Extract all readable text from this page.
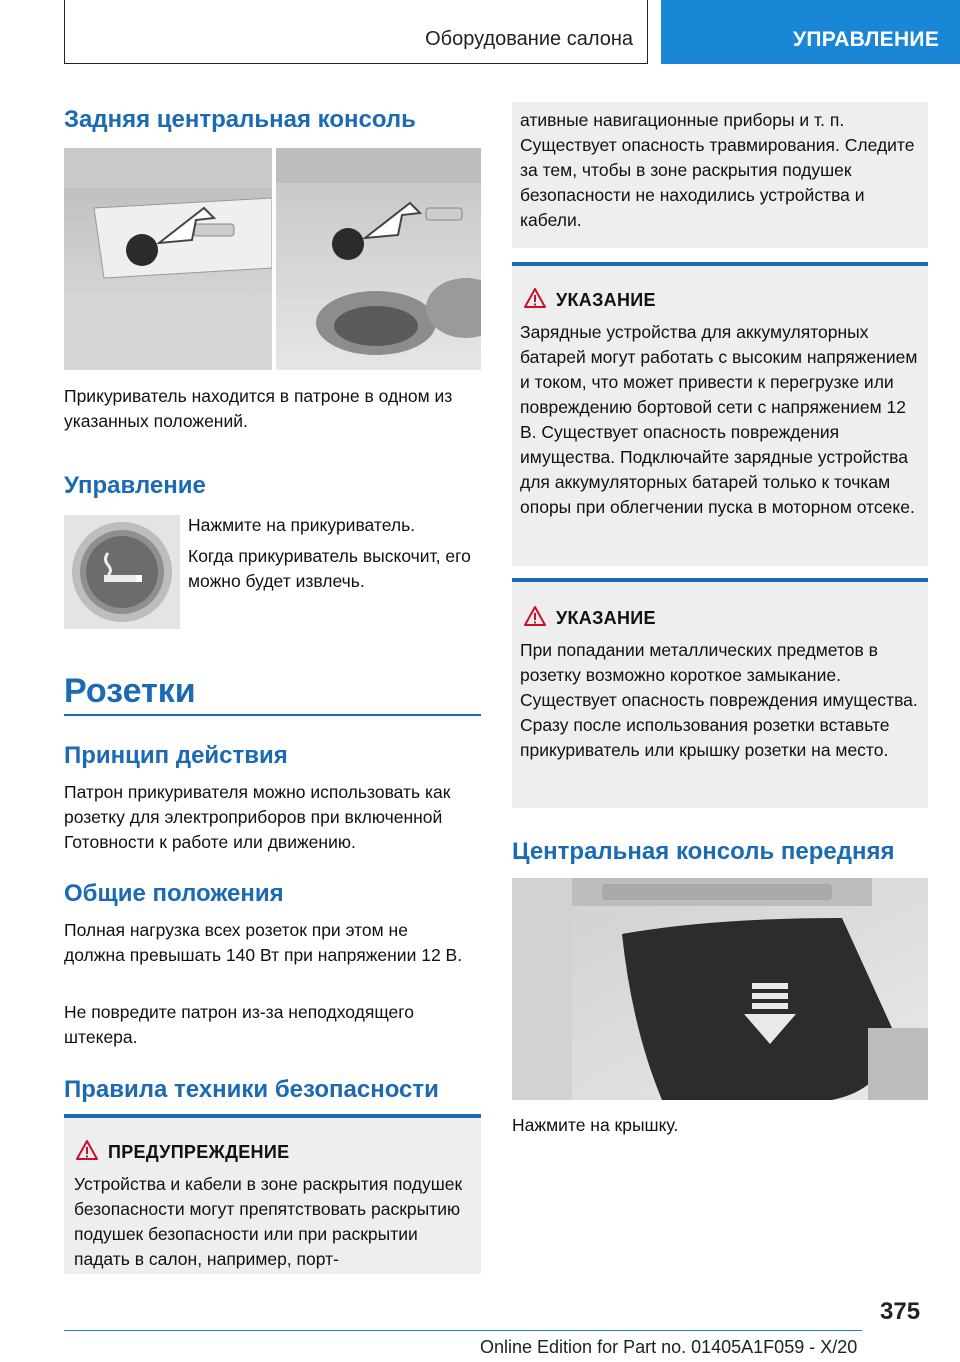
Оборудование салона	УПРАВЛЕНИЕ
Задняя центральная консоль
Прикуриватель находится в патроне в одном из указанных положений.
Управление
Нажмите на прикуриватель.
Когда прикуриватель выскочит, его можно будет извлечь.
Розетки
Принцип действия
Патрон прикуривателя можно использовать как розетку для электроприборов при включенной Готовности к работе или движению.
Общие положения
Полная нагрузка всех розеток при этом не должна превышать 140 Вт при напряжении 12 В.
Не повредите патрон из-за неподходящего штекера.
Правила техники безопасности
ПРЕДУПРЕЖДЕНИЕ
Устройства и кабели в зоне раскрытия подушек безопасности могут препятствовать раскрытию подушек безопасности или при раскрытии падать в салон, например, порт-
ативные навигационные приборы и т. п. Существует опасность травмирования. Следите за тем, чтобы в зоне раскрытия подушек безопасности не находились устройства и кабели.
УКАЗАНИЕ
Зарядные устройства для аккумуляторных батарей могут работать с высоким напряжением и током, что может привести к перегрузке или повреждению бортовой сети с напряжением 12 В. Существует опасность повреждения имущества. Подключайте зарядные устройства для аккумуляторных батарей только к точкам опоры при облегчении пуска в моторном отсеке.
УКАЗАНИЕ
При попадании металлических предметов в розетку возможно короткое замыкание. Существует опасность повреждения имущества. Сразу после использования розетки вставьте прикуриватель или крышку розетки на место.
Центральная консоль передняя
Нажмите на крышку.
375
Online Edition for Part no. 01405A1F059 - X/20
